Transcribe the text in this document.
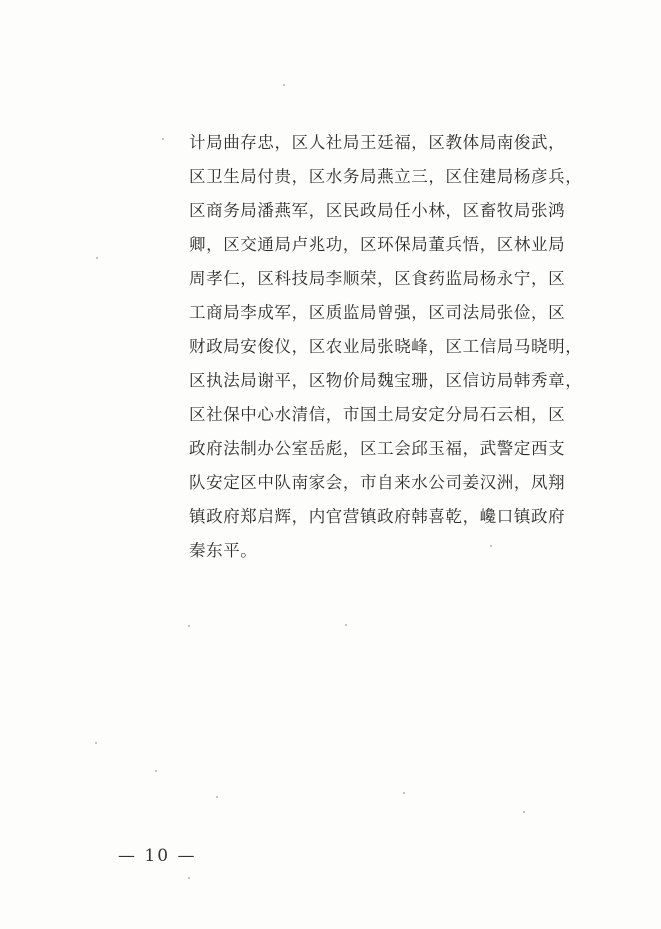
计局曲存忠，区人社局王廷福，区教体局南俊武，
区卫生局付贵，区水务局燕立三，区住建局杨彦兵，
区商务局潘燕军，区民政局任小林，区畜牧局张鸿
卿，区交通局卢兆功，区环保局董兵悟，区林业局
周孝仁，区科技局李顺荣，区食药监局杨永宁，区
工商局李成军，区质监局曾强，区司法局张俭，区
财政局安俊仪，区农业局张晓峰，区工信局马晓明，
区执法局谢平，区物价局魏宝珊，区信访局韩秀章，
区社保中心水清信，市国土局安定分局石云相，区
政府法制办公室岳彪，区工会邱玉福，武警定西支
队安定区中队南家会，市自来水公司姜汉洲，凤翔
镇政府郑启辉，内官营镇政府韩喜乾，巉口镇政府
秦东平。
— 10 —
